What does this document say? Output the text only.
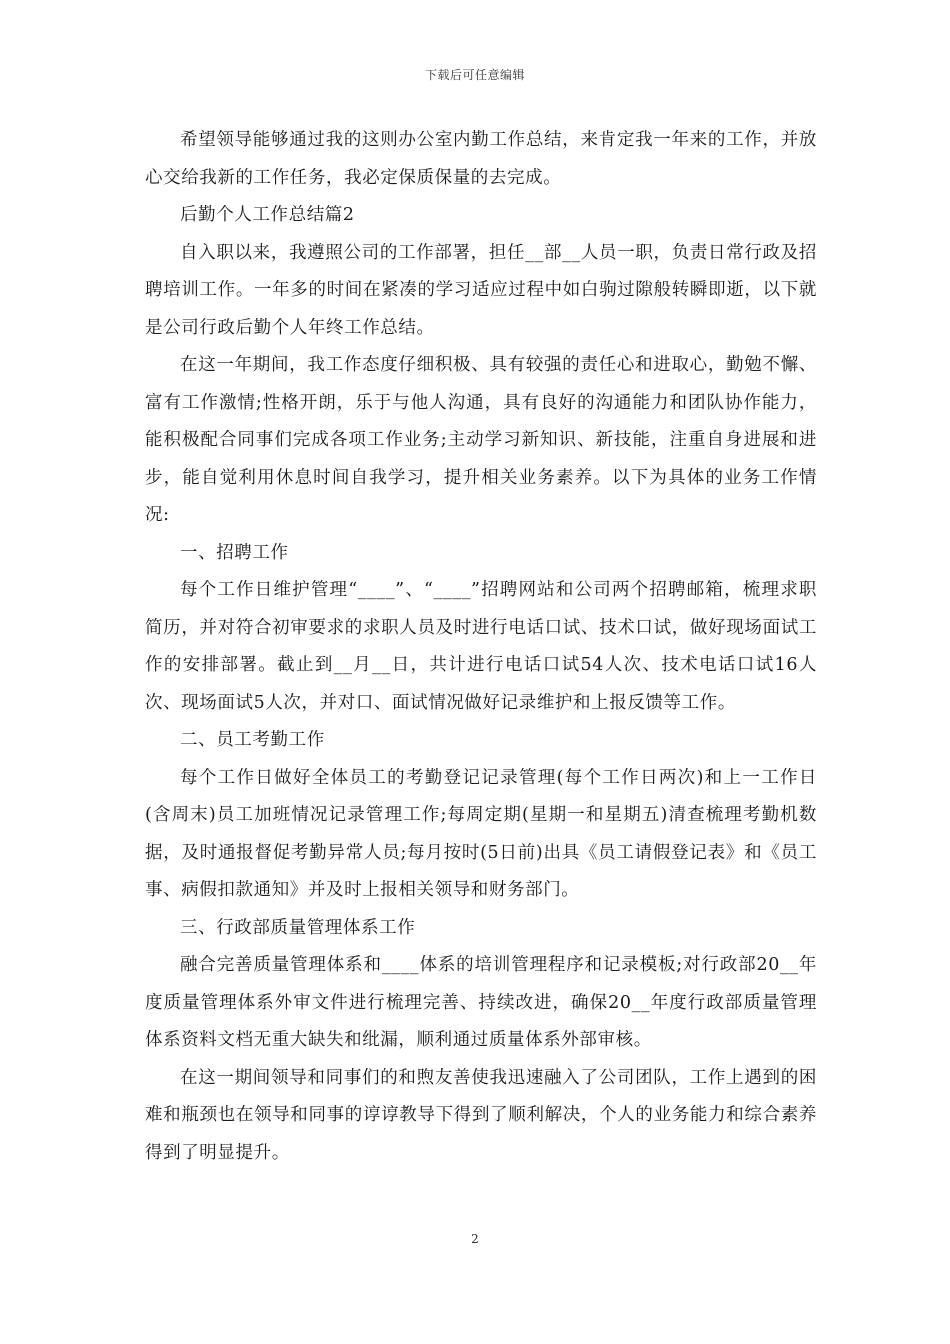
下载后可任意编辑

希望领导能够通过我的这则办公室内勤工作总结，来肯定我一年来的工作，并放心交给我新的工作任务，我必定保质保量的去完成。

后勤个人工作总结篇2

自入职以来，我遵照公司的工作部署，担任__部__人员一职，负责日常行政及招聘培训工作。一年多的时间在紧凑的学习适应过程中如白驹过隙般转瞬即逝，以下就是公司行政后勤个人年终工作总结。

在这一年期间，我工作态度仔细积极、具有较强的责任心和进取心，勤勉不懈、富有工作激情;性格开朗，乐于与他人沟通，具有良好的沟通能力和团队协作能力，能积极配合同事们完成各项工作业务;主动学习新知识、新技能，注重自身进展和进步，能自觉利用休息时间自我学习，提升相关业务素养。以下为具体的业务工作情况:

一、招聘工作

每个工作日维护管理“____”、“____”招聘网站和公司两个招聘邮箱，梳理求职简历，并对符合初审要求的求职人员及时进行电话口试、技术口试，做好现场面试工作的安排部署。截止到__月__日，共计进行电话口试54人次、技术电话口试16人次、现场面试5人次，并对口、面试情况做好记录维护和上报反馈等工作。

二、员工考勤工作

每个工作日做好全体员工的考勤登记记录管理(每个工作日两次)和上一工作日(含周末)员工加班情况记录管理工作;每周定期(星期一和星期五)清查梳理考勤机数据，及时通报督促考勤异常人员;每月按时(5日前)出具《员工请假登记表》和《员工事、病假扣款通知》并及时上报相关领导和财务部门。

三、行政部质量管理体系工作

融合完善质量管理体系和____体系的培训管理程序和记录模板;对行政部20__年度质量管理体系外审文件进行梳理完善、持续改进，确保20__年度行政部质量管理体系资料文档无重大缺失和纰漏，顺利通过质量体系外部审核。

在这一期间领导和同事们的和煦友善使我迅速融入了公司团队，工作上遇到的困难和瓶颈也在领导和同事的谆谆教导下得到了顺利解决，个人的业务能力和综合素养得到了明显提升。

2
